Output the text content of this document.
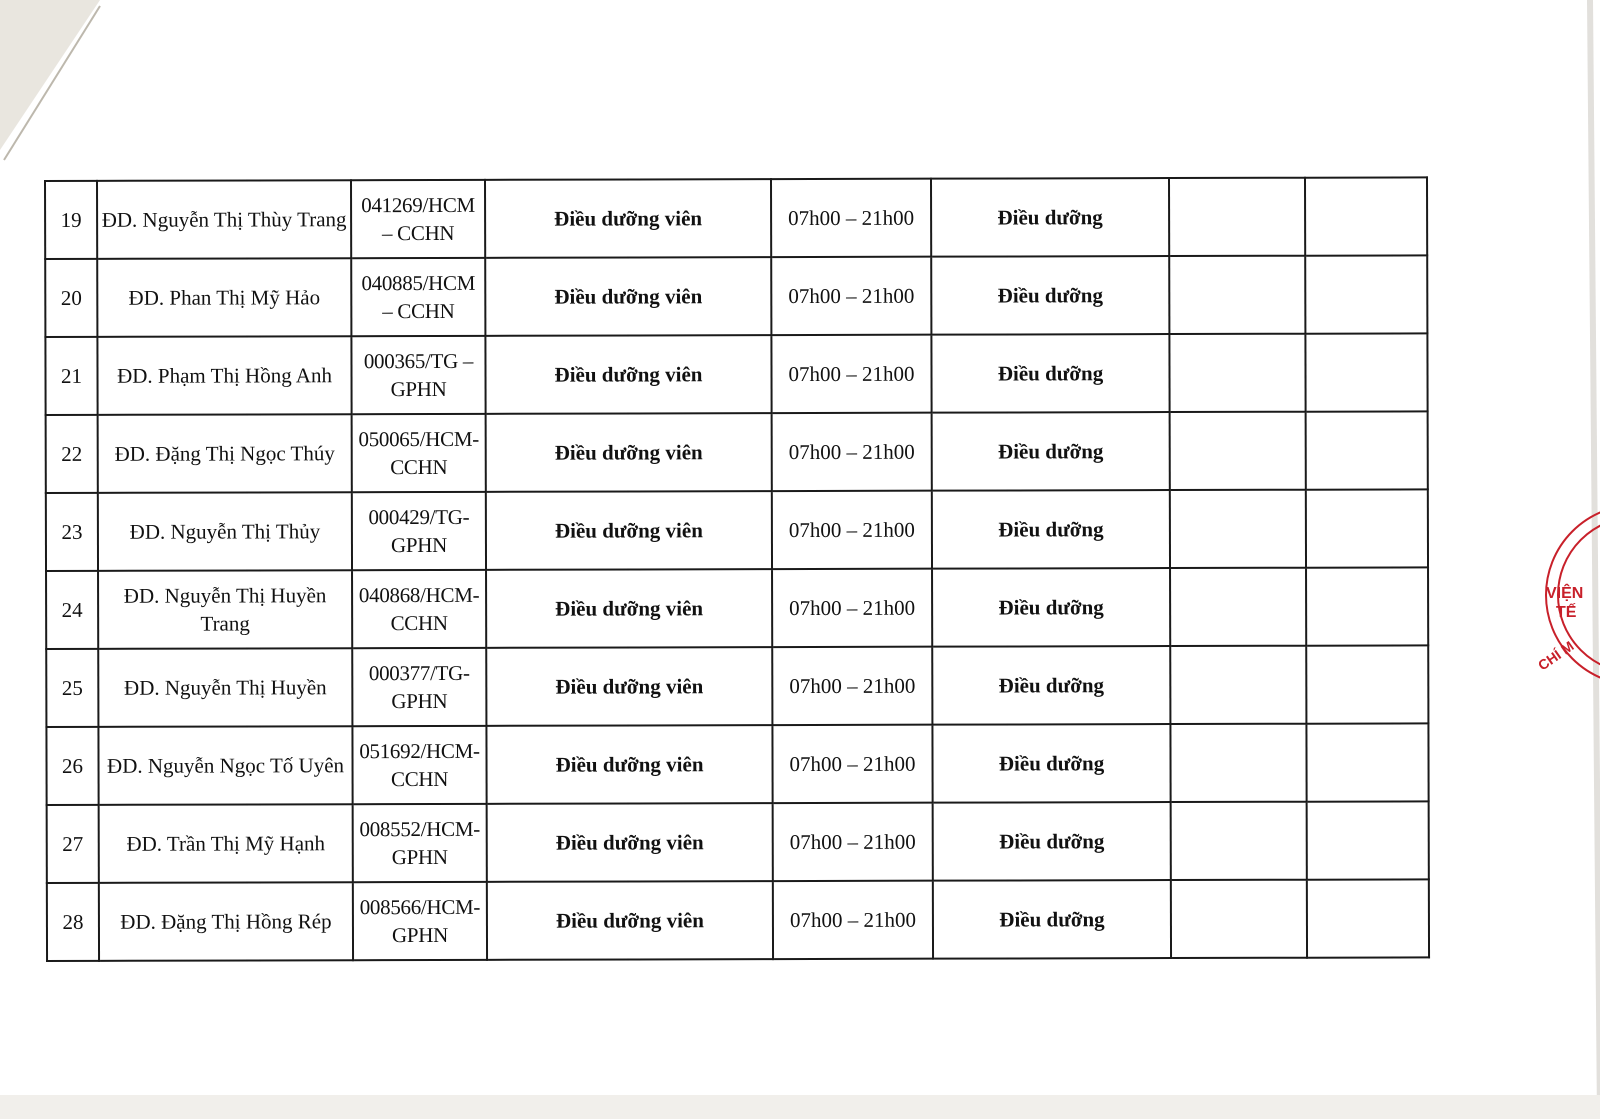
19	ĐD. Nguyễn Thị Thùy Trang	041269/HCM – CCHN	Điều dưỡng viên	07h00 – 21h00	Điều dưỡng		
20	ĐD. Phan Thị Mỹ Hảo	040885/HCM – CCHN	Điều dưỡng viên	07h00 – 21h00	Điều dưỡng		
21	ĐD. Phạm Thị Hồng Anh	000365/TG – GPHN	Điều dưỡng viên	07h00 – 21h00	Điều dưỡng		
22	ĐD. Đặng Thị Ngọc Thúy	050065/HCM-CCHN	Điều dưỡng viên	07h00 – 21h00	Điều dưỡng		
23	ĐD. Nguyễn Thị Thủy	000429/TG-GPHN	Điều dưỡng viên	07h00 – 21h00	Điều dưỡng		
24	ĐD. Nguyễn Thị Huyền Trang	040868/HCM-CCHN	Điều dưỡng viên	07h00 – 21h00	Điều dưỡng		
25	ĐD. Nguyễn Thị Huyền	000377/TG-GPHN	Điều dưỡng viên	07h00 – 21h00	Điều dưỡng		
26	ĐD. Nguyễn Ngọc Tố Uyên	051692/HCM-CCHN	Điều dưỡng viên	07h00 – 21h00	Điều dưỡng		
27	ĐD. Trần Thị Mỹ Hạnh	008552/HCM-GPHN	Điều dưỡng viên	07h00 – 21h00	Điều dưỡng		
28	ĐD. Đặng Thị Hồng Rép	008566/HCM-GPHN	Điều dưỡng viên	07h00 – 21h00	Điều dưỡng		
VIỆN
TẾ
CHÍ M
